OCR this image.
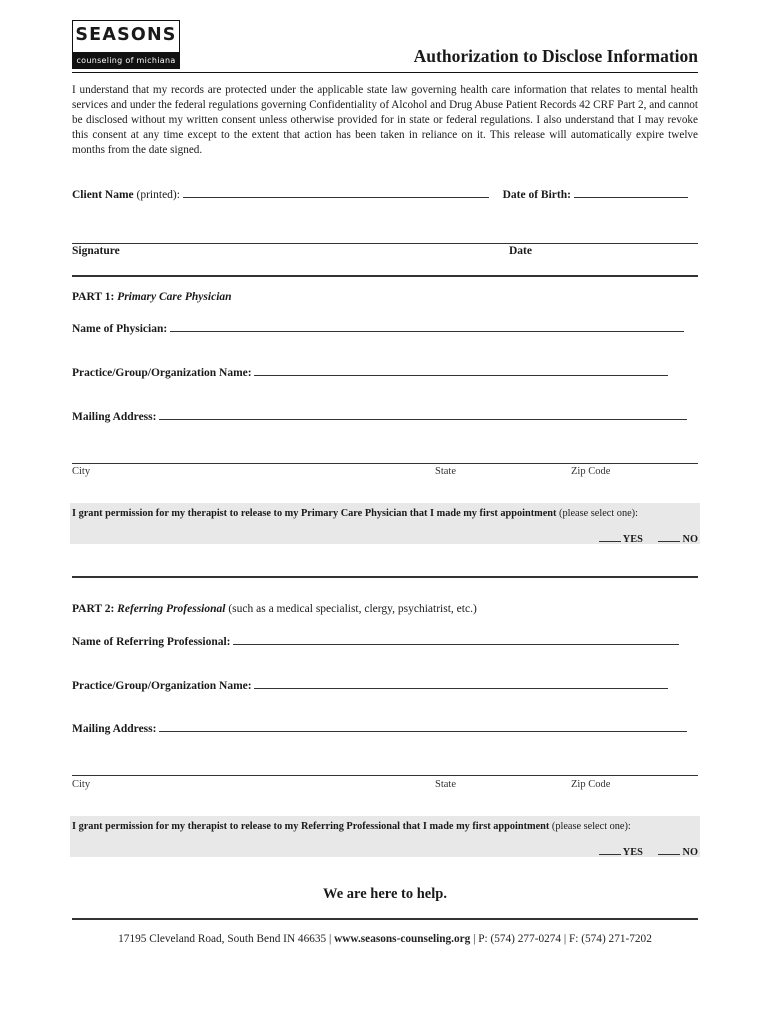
SEASONS
counseling of michiana	Authorization to Disclose Information

I understand that my records are protected under the applicable state law governing health care information that relates to mental health services and under the federal regulations governing Confidentiality of Alcohol and Drug Abuse Patient Records 42 CRF Part 2, and cannot be disclosed without my written consent unless otherwise provided for in state or federal regulations. I also understand that I may revoke this consent at any time except to the extent that action has been taken in reliance on it. This release will automatically expire twelve months from the date signed.

Client Name (printed):	Date of Birth:
Signature	Date
PART 1: Primary Care Physician
Name of Physician:
Practice/Group/Organization Name:
Mailing Address:
City	State	Zip Code
I grant permission for my therapist to release to my Primary Care Physician that I made my first appointment (please select one):
YES	NO
PART 2: Referring Professional (such as a medical specialist, clergy, psychiatrist, etc.)
Name of Referring Professional:
Practice/Group/Organization Name:
Mailing Address:
City	State	Zip Code
I grant permission for my therapist to release to my Referring Professional that I made my first appointment (please select one):
YES	NO
We are here to help.
17195 Cleveland Road, South Bend IN 46635 | www.seasons-counseling.org | P: (574) 277-0274 | F: (574) 271-7202
